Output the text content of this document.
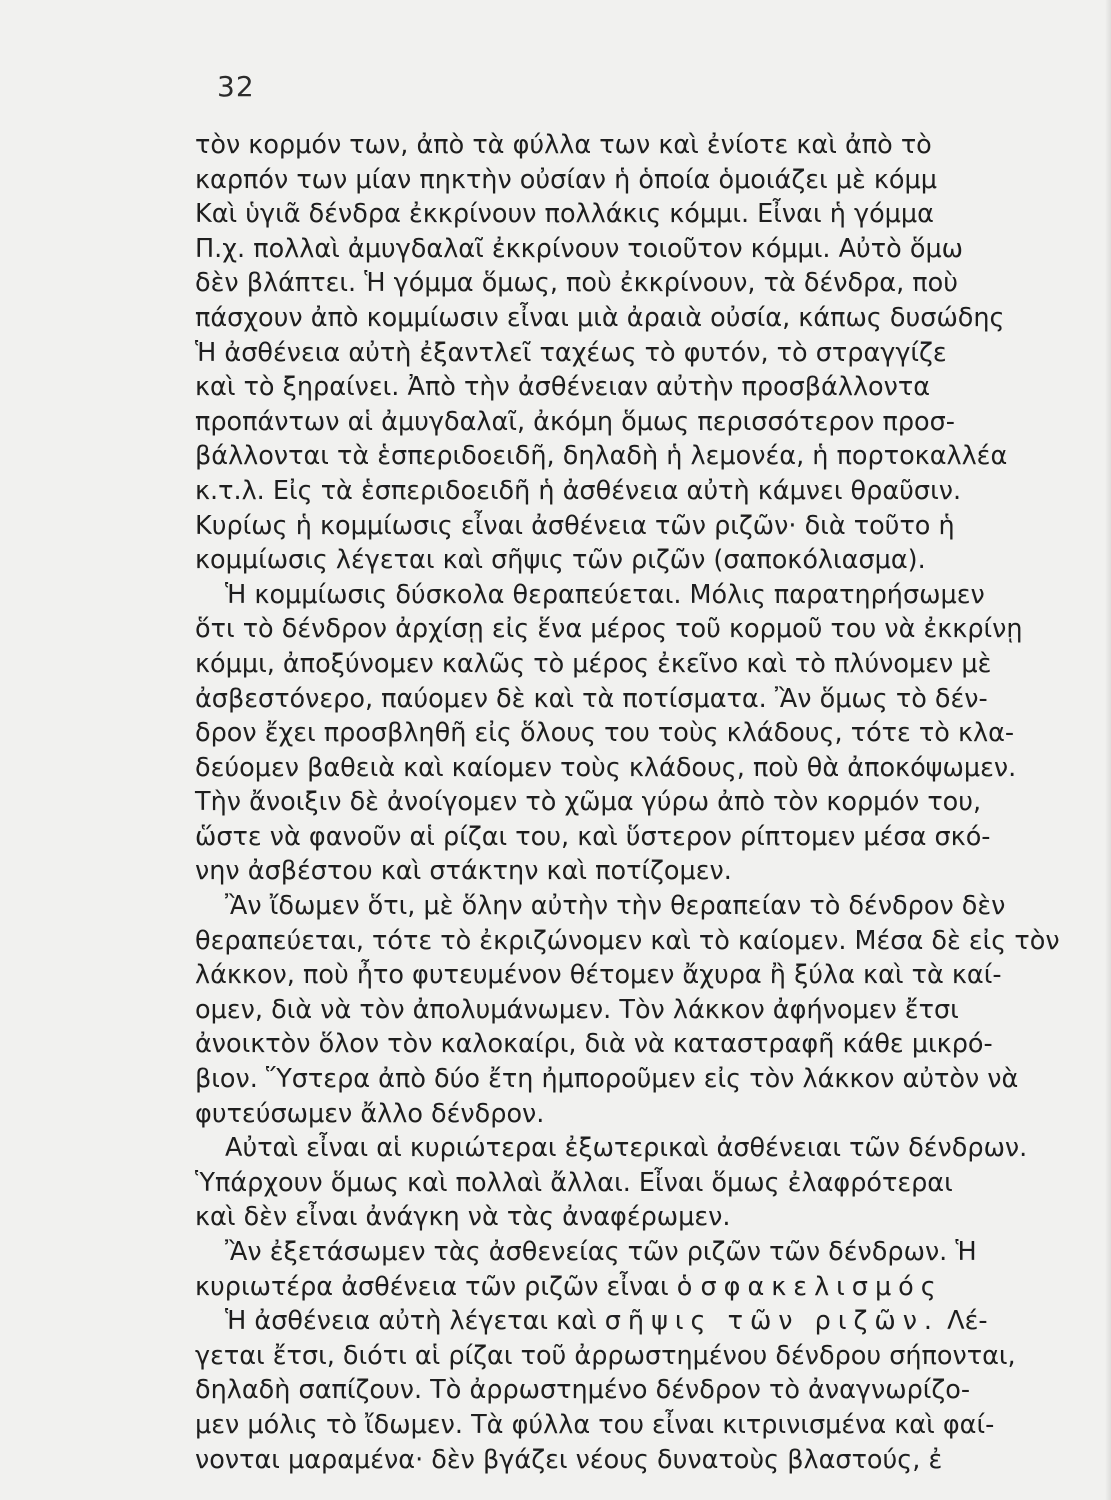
32
τὸν κορμόν των, ἀπὸ τὰ φύλλα των καὶ ἐνίοτε καὶ ἀπὸ τὸ
καρπόν των μίαν πηκτὴν οὐσίαν ἡ ὁποία ὁμοιάζει μὲ κόμμ
Καὶ ὑγιᾶ δένδρα ἐκκρίνουν πολλάκις κόμμι. Εἶναι ἡ γόμμα
Π.χ. πολλαὶ ἀμυγδαλαῖ ἐκκρίνουν τοιοῦτον κόμμι. Αὐτὸ ὅμω
δὲν βλάπτει. Ἡ γόμμα ὅμως, ποὺ ἐκκρίνουν, τὰ δένδρα, ποὺ
πάσχουν ἀπὸ κομμίωσιν εἶναι μιὰ ἀραιὰ οὐσία, κάπως δυσώδης
Ἡ ἀσθένεια αὐτὴ ἐξαντλεῖ ταχέως τὸ φυτόν, τὸ στραγγίζε
καὶ τὸ ξηραίνει. Ἀπὸ τὴν ἀσθένειαν αὐτὴν προσβάλλοντα
προπάντων αἱ ἀμυγδαλαῖ, ἀκόμη ὅμως περισσότερον προσ-
βάλλονται τὰ ἑσπεριδοειδῆ, δηλαδὴ ἡ λεμονέα, ἡ πορτοκαλλέα
κ.τ.λ. Εἰς τὰ ἑσπεριδοειδῆ ἡ ἀσθένεια αὐτὴ κάμνει θραῦσιν.
Κυρίως ἡ κομμίωσις εἶναι ἀσθένεια τῶν ριζῶν· διὰ τοῦτο ἡ
κομμίωσις λέγεται καὶ σῆψις τῶν ριζῶν (σαποκόλιασμα).
Ἡ κομμίωσις δύσκολα θεραπεύεται. Μόλις παρατηρήσωμεν
ὅτι τὸ δένδρον ἀρχίσῃ εἰς ἕνα μέρος τοῦ κορμοῦ του νὰ ἐκκρίνῃ
κόμμι, ἀποξύνομεν καλῶς τὸ μέρος ἐκεῖνο καὶ τὸ πλύνομεν μὲ
ἀσβεστόνερο, παύομεν δὲ καὶ τὰ ποτίσματα. Ἂν ὅμως τὸ δέν-
δρον ἔχει προσβληθῆ εἰς ὅλους του τοὺς κλάδους, τότε τὸ κλα-
δεύομεν βαθειὰ καὶ καίομεν τοὺς κλάδους, ποὺ θὰ ἀποκόψωμεν.
Τὴν ἄνοιξιν δὲ ἀνοίγομεν τὸ χῶμα γύρω ἀπὸ τὸν κορμόν του,
ὥστε νὰ φανοῦν αἱ ρίζαι του, καὶ ὕστερον ρίπτομεν μέσα σκό-
νην ἀσβέστου καὶ στάκτην καὶ ποτίζομεν.
Ἂν ἴδωμεν ὅτι, μὲ ὅλην αὐτὴν τὴν θεραπείαν τὸ δένδρον δὲν
θεραπεύεται, τότε τὸ ἐκριζώνομεν καὶ τὸ καίομεν. Μέσα δὲ εἰς τὸν
λάκκον, ποὺ ἦτο φυτευμένον θέτομεν ἄχυρα ἢ ξύλα καὶ τὰ καί-
ομεν, διὰ νὰ τὸν ἀπολυμάνωμεν. Τὸν λάκκον ἀφήνομεν ἔτσι
ἀνοικτὸν ὅλον τὸν καλοκαίρι, διὰ νὰ καταστραφῆ κάθε μικρό-
βιον. Ὕστερα ἀπὸ δύο ἔτη ἠμποροῦμεν εἰς τὸν λάκκον αὐτὸν νὰ
φυτεύσωμεν ἄλλο δένδρον.
Αὐταὶ εἶναι αἱ κυριώτεραι ἐξωτερικαὶ ἀσθένειαι τῶν δένδρων.
Ὑπάρχουν ὅμως καὶ πολλαὶ ἄλλαι. Εἶναι ὅμως ἐλαφρότεραι
καὶ δὲν εἶναι ἀνάγκη νὰ τὰς ἀναφέρωμεν.
Ἂν ἐξετάσωμεν τὰς ἀσθενείας τῶν ριζῶν τῶν δένδρων. Ἡ
κυριωτέρα ἀσθένεια τῶν ριζῶν εἶναι ὁ σφακελισμός
Ἡ ἀσθένεια αὐτὴ λέγεται καὶ σῆψις τῶν ριζῶν. Λέ-
γεται ἔτσι, διότι αἱ ρίζαι τοῦ ἀρρωστημένου δένδρου σήπονται,
δηλαδὴ σαπίζουν. Τὸ ἀρρωστημένο δένδρον τὸ ἀναγνωρίζο-
μεν μόλις τὸ ἴδωμεν. Τὰ φύλλα του εἶναι κιτρινισμένα καὶ φαί-
νονται μαραμένα· δὲν βγάζει νέους δυνατοὺς βλαστούς, ἐ
